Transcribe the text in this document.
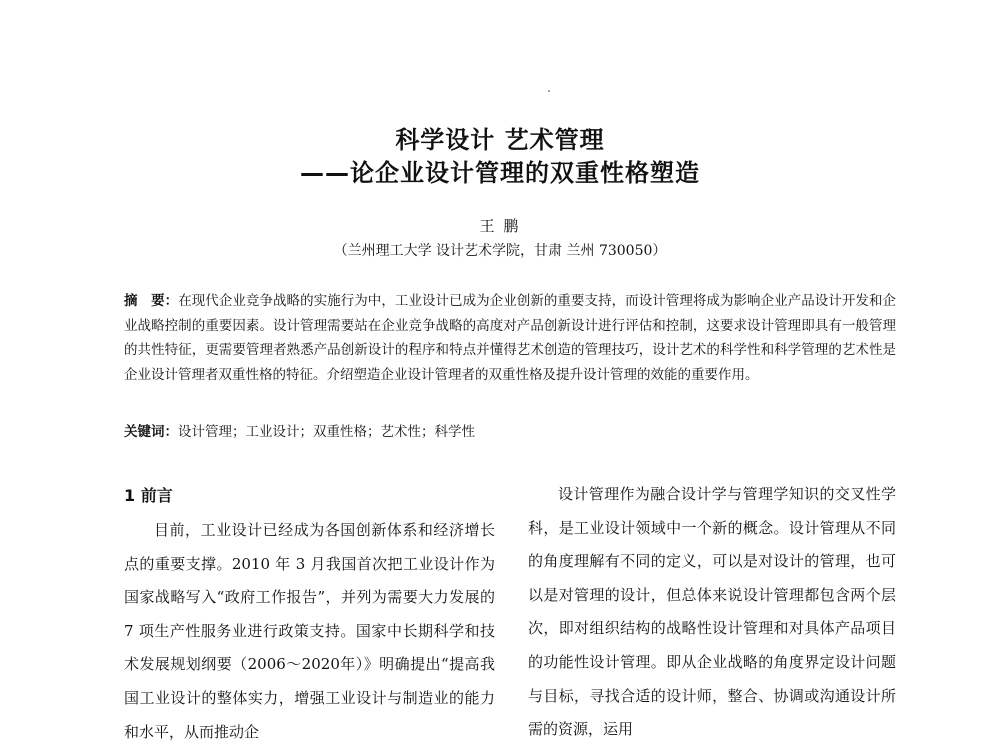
科学设计 艺术管理
——论企业设计管理的双重性格塑造
王 鹏
（兰州理工大学 设计艺术学院，甘肃 兰州 730050）

摘　要：在现代企业竞争战略的实施行为中，工业设计已成为企业创新的重要支持，而设计管理将成为影响企业产品设计开发和企业战略控制的重要因素。设计管理需要站在企业竞争战略的高度对产品创新设计进行评估和控制，这要求设计管理即具有一般管理的共性特征，更需要管理者熟悉产品创新设计的程序和特点并懂得艺术创造的管理技巧，设计艺术的科学性和科学管理的艺术性是企业设计管理者双重性格的特征。介绍塑造企业设计管理者的双重性格及提升设计管理的效能的重要作用。

关键词：设计管理；工业设计；双重性格；艺术性；科学性

1 前言

目前，工业设计已经成为各国创新体系和经济增长点的重要支撑。2010 年 3 月我国首次把工业设计作为国家战略写入“政府工作报告”，并列为需要大力发展的 7 项生产性服务业进行政策支持。国家中长期科学和技术发展规划纲要（2006～2020年）》明确提出“提高我国工业设计的整体实力，增强工业设计与制造业的能力和水平，从而推动企

设计管理作为融合设计学与管理学知识的交叉性学科，是工业设计领域中一个新的概念。设计管理从不同的角度理解有不同的定义，可以是对设计的管理，也可以是对管理的设计，但总体来说设计管理都包含两个层次，即对组织结构的战略性设计管理和对具体产品项目的功能性设计管理。即从企业战略的角度界定设计问题与目标，寻找合适的设计师，整合、协调或沟通设计所需的资源，运用
